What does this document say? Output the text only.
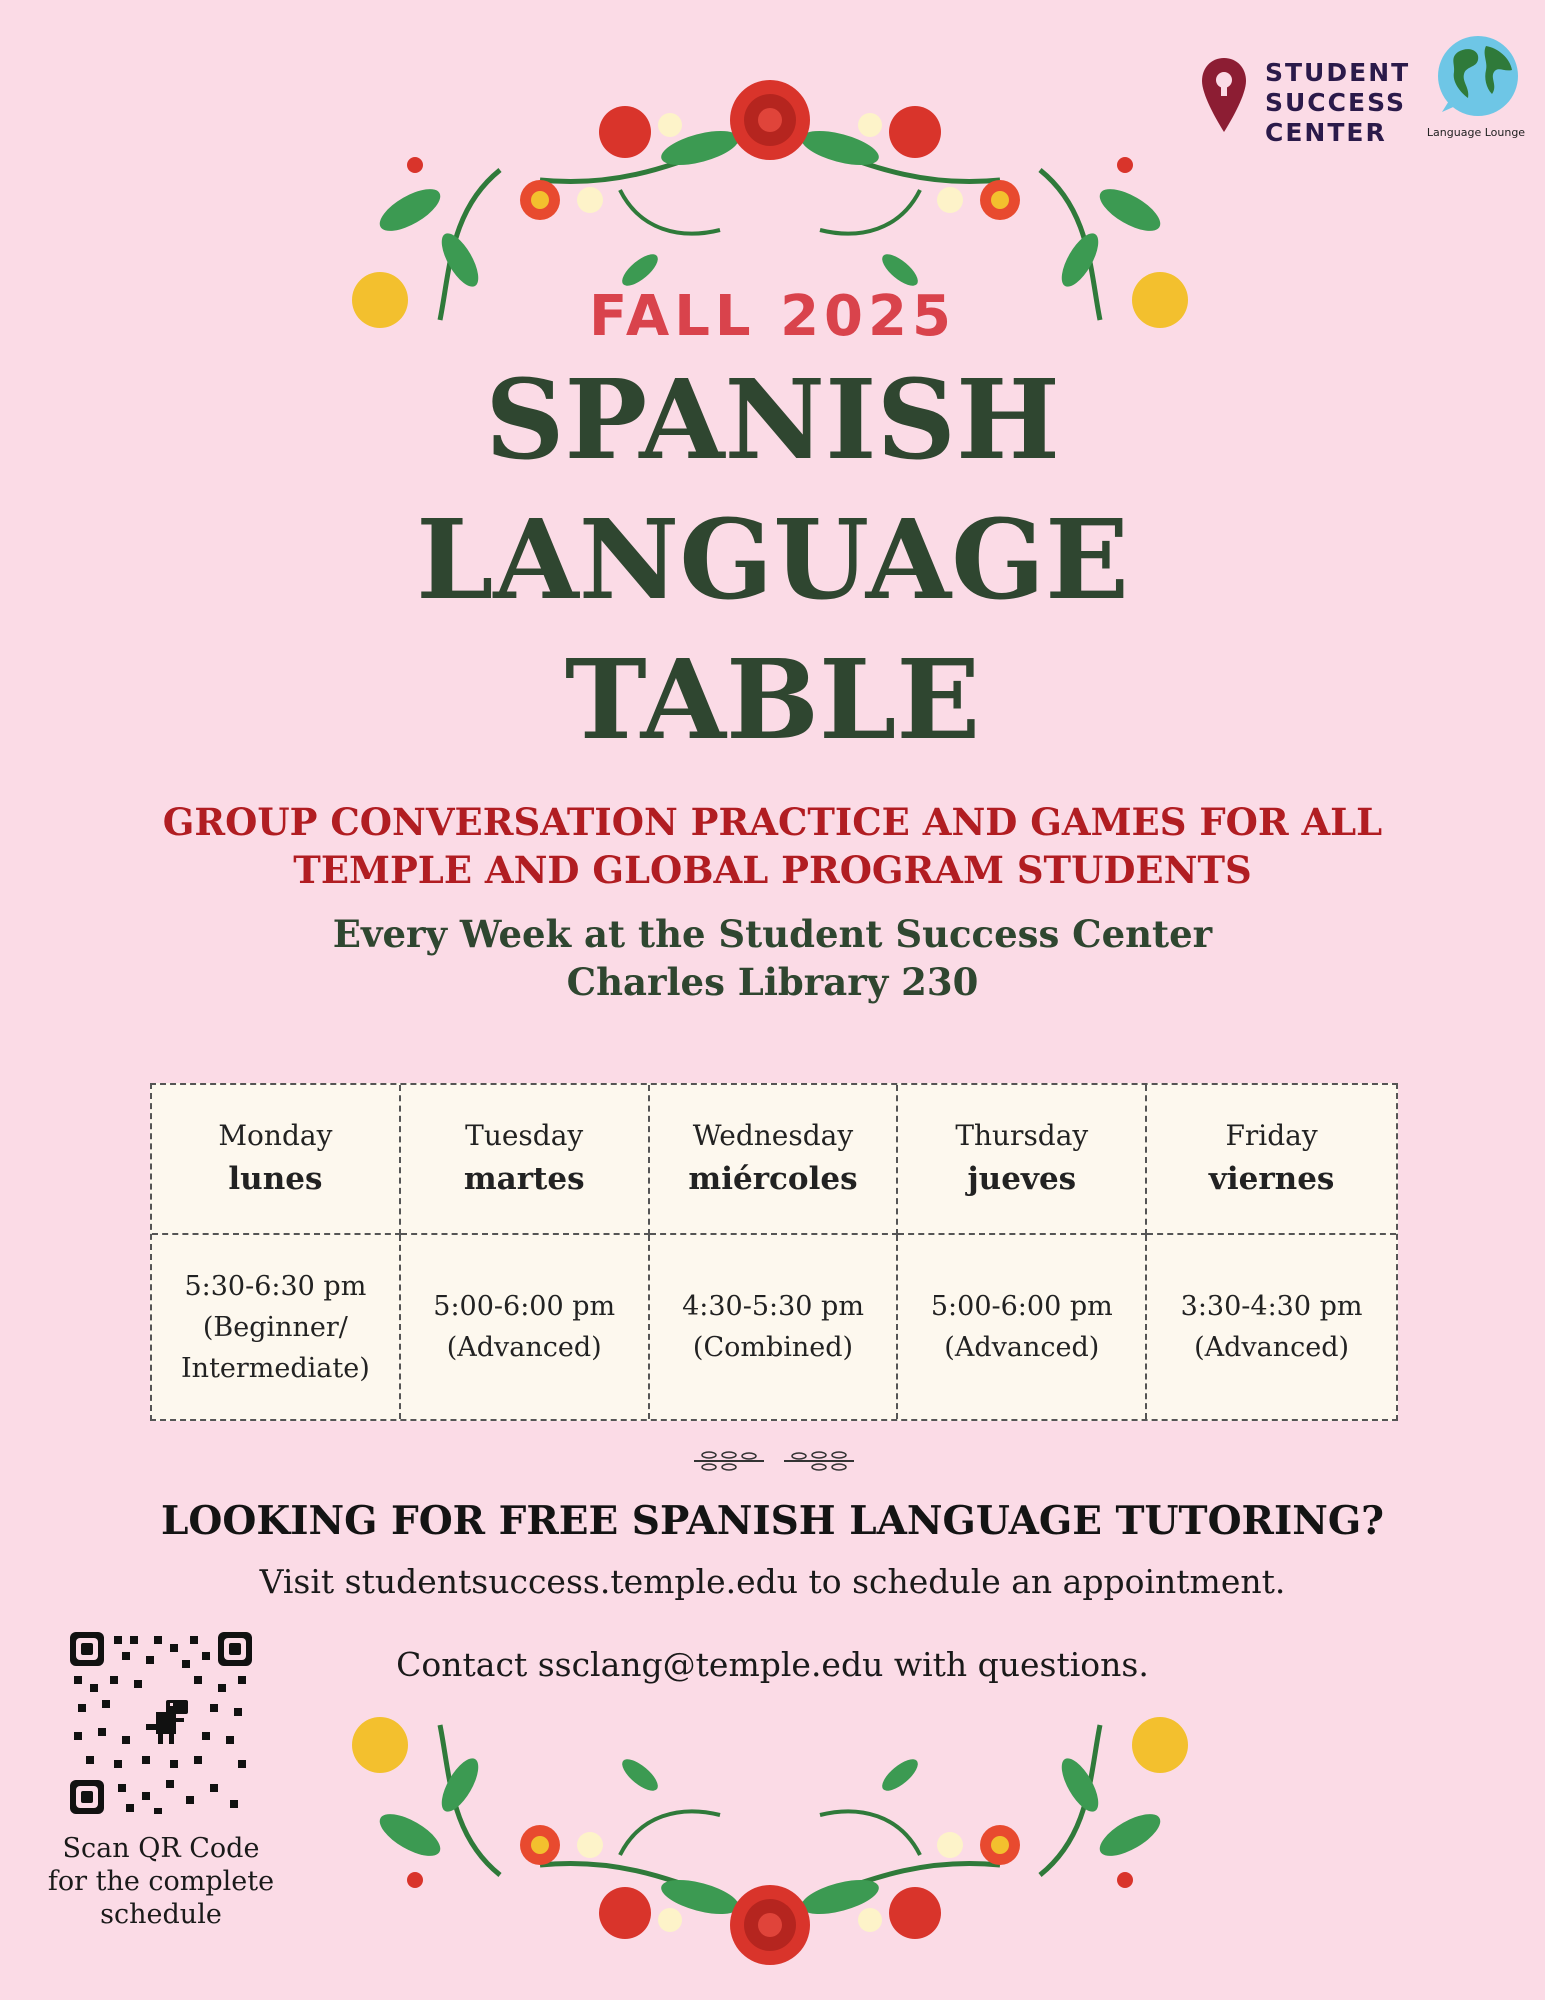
STUDENT
SUCCESS
CENTER	Language Lounge
FALL 2025
SPANISH
LANGUAGE
TABLE
GROUP CONVERSATION PRACTICE AND GAMES FOR ALL
TEMPLE AND GLOBAL PROGRAM STUDENTS
Every Week at the Student Success Center
Charles Library 230
Monday
lunes
Tuesday
martes
Wednesday
miércoles
Thursday
jueves
Friday
viernes
5:30-6:30 pm
(Beginner/
Intermediate)
5:00-6:00 pm
(Advanced)
4:30-5:30 pm
(Combined)
5:00-6:00 pm
(Advanced)
3:30-4:30 pm
(Advanced)
LOOKING FOR FREE SPANISH LANGUAGE TUTORING?
Visit studentsuccess.temple.edu to schedule an appointment.
Contact ssclang@temple.edu with questions.
Scan QR Code
for the complete
schedule
